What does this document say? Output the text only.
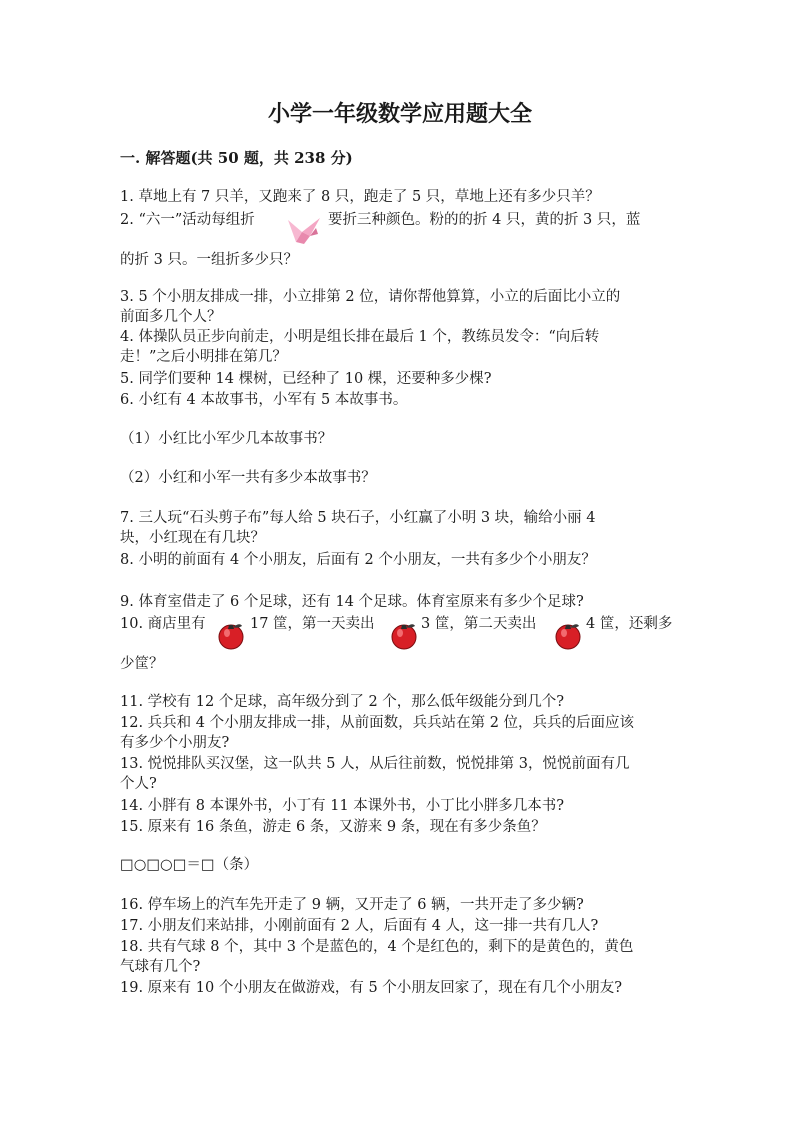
小学一年级数学应用题大全
一. 解答题(共 50 题，共 238 分)
1. 草地上有 7 只羊，又跑来了 8 只，跑走了 5 只，草地上还有多少只羊？
2. “六一”活动每组折	要折三种颜色。粉的的折 4 只，黄的折 3 只，蓝
的折 3 只。一组折多少只？
3. 5 个小朋友排成一排，小立排第 2 位，请你帮他算算，小立的后面比小立的
前面多几个人？
4. 体操队员正步向前走，小明是组长排在最后 1 个，教练员发令：“向后转
走！”之后小明排在第几？
5. 同学们要种 14 棵树，已经种了 10 棵，还要种多少棵?
6. 小红有 4 本故事书，小军有 5 本故事书。
（1）小红比小军少几本故事书？
（2）小红和小军一共有多少本故事书？
7. 三人玩“石头剪子布”每人给 5 块石子，小红赢了小明 3 块，输给小丽 4
块，小红现在有几块？
8. 小明的前面有 4 个小朋友，后面有 2 个小朋友，一共有多少个小朋友？
9. 体育室借走了 6 个足球，还有 14 个足球。体育室原来有多少个足球?
10. 商店里有	17 筐，第一天卖出	3 筐，第二天卖出	4 筐，还剩多
少筐？
11. 学校有 12 个足球，高年级分到了 2 个，那么低年级能分到几个?
12. 兵兵和 4 个小朋友排成一排，从前面数，兵兵站在第 2 位，兵兵的后面应该
有多少个小朋友?
13. 悦悦排队买汉堡，这一队共 5 人，从后往前数，悦悦排第 3，悦悦前面有几
个人?
14. 小胖有 8 本课外书，小丁有 11 本课外书，小丁比小胖多几本书?
15. 原来有 16 条鱼，游走 6 条，又游来 9 条，现在有多少条鱼？
□○□○□＝□（条）
16. 停车场上的汽车先开走了 9 辆，又开走了 6 辆，一共开走了多少辆?
17. 小朋友们来站排，小刚前面有 2 人，后面有 4 人，这一排一共有几人?
18. 共有气球 8 个，其中 3 个是蓝色的，4 个是红色的，剩下的是黄色的，黄色
气球有几个?
19. 原来有 10 个小朋友在做游戏，有 5 个小朋友回家了，现在有几个小朋友?
